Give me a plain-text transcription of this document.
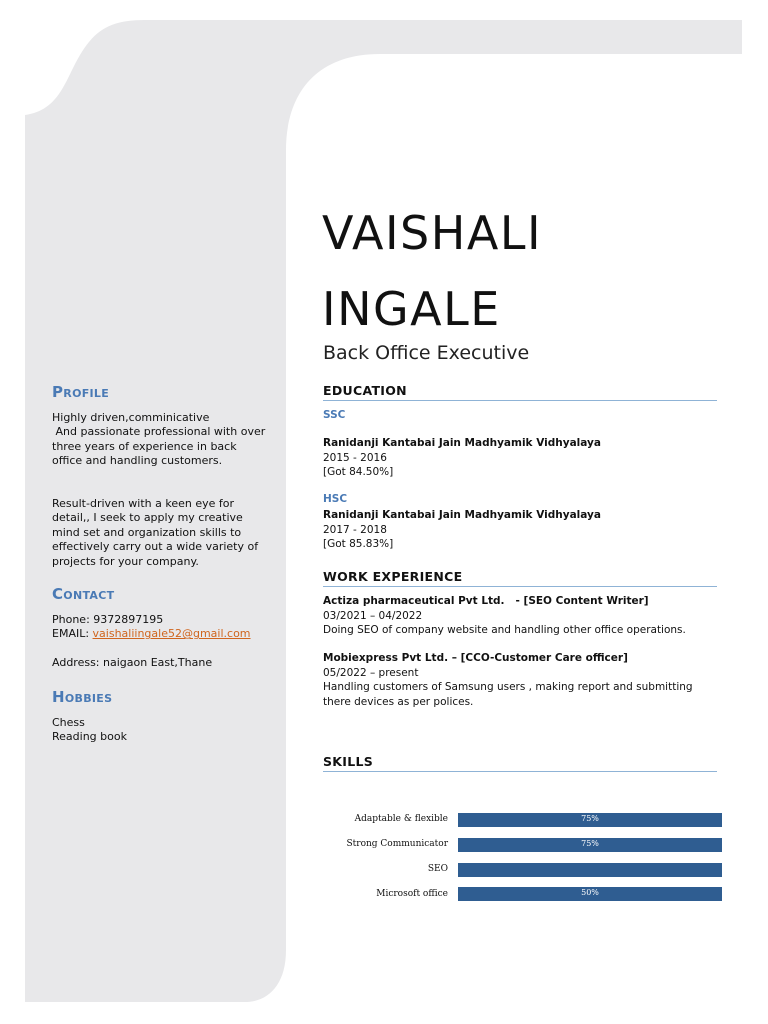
Profile

Highly driven,comminicative

And passionate professional with over

three years of experience in back

office and handling customers.

Result-driven with a keen eye for

detail,, I seek to apply my creative

mind set and organization skills to

effectively carry out a wide variety of

projects for your company.

Contact

Phone: 9372897195

EMAIL: vaishaliingale52@gmail.com

Address: naigaon East,Thane

Hobbies

Chess

Reading book

VAISHALI
INGALE
Back Office Executive
EDUCATION
SSC

Ranidanji Kantabai Jain Madhyamik Vidhyalaya

2015 - 2016

[Got 84.50%]

HSC

Ranidanji Kantabai Jain Madhyamik Vidhyalaya

2017 - 2018

[Got 85.83%]

WORK EXPERIENCE

Actiza pharmaceutical Pvt Ltd.   - [SEO Content Writer]

03/2021 – 04/2022

Doing SEO of company website and handling other office operations.

Mobiexpress Pvt Ltd. – [CCO-Customer Care officer]

05/2022 – present

Handling customers of Samsung users , making report and submitting

there devices as per polices.

SKILLS
Adaptable & flexible	75%
Strong Communicator	75%
SEO
Microsoft office	50%
